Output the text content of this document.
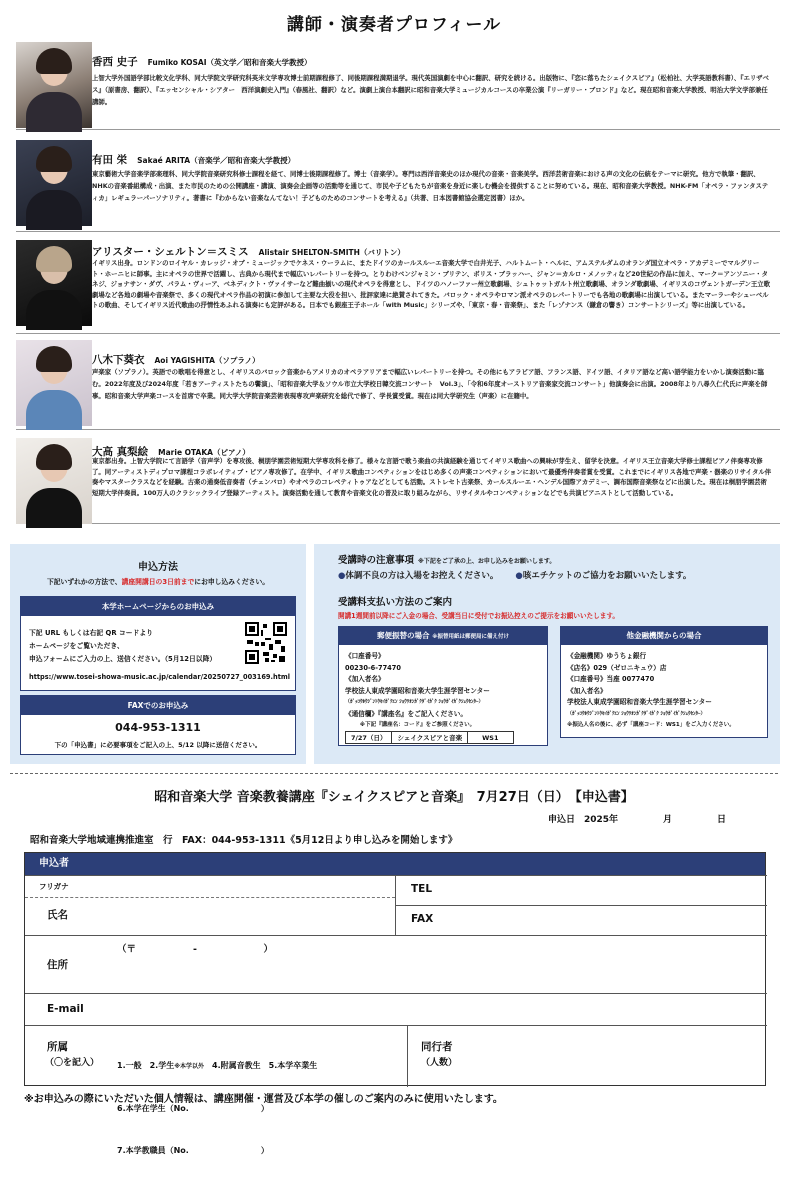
講師・演奏者プロフィール
香西 史子 Fumiko KOSAI（英文学／昭和音楽大学教授）
上智大学外国語学部比較文化学科、同大学院文学研究科英米文学専攻博士前期課程修了、同後期課程満期退学。現代英国演劇を中心に翻訳、研究を続ける。出版物に、『恋に落ちたシェイクスピア』（松柏社、大学英語教科書）、『エリザベス』（原書房、翻訳）、『エッセンシャル・シアター　西洋演劇史入門』（春風社、翻訳）など。演劇上演台本翻訳に昭和音楽大学ミュージカルコースの卒業公演『リーガリー・ブロンド』など。現在昭和音楽大学教授、明治大学文学部兼任講師。
有田 栄 Sakaé ARITA（音楽学／昭和音楽大学教授）
東京藝術大学音楽学部楽理科、同大学院音楽研究科修士課程を経て、同博士後期課程修了。博士（音楽学）。専門は西洋音楽史のほか現代の音楽・音楽美学。西洋芸術音楽における声の文化の伝統をテーマに研究。他方で執筆・翻訳、NHKの音楽番組構成・出演、また市民のための公開講座・講演、演奏会企画等の活動等を通じて、市民や子どもたちが音楽を身近に楽しむ機会を提供することに努めている。現在、昭和音楽大学教授。NHK-FM「オペラ・ファンタスティカ」レギュラーパーソナリティ。著書に『わからない音楽なんてない！子どものためのコンサートを考える』（共著、日本図書館協会選定図書）ほか。
アリスター・シェルトン＝スミス Alistair SHELTON-SMITH（バリトン）
イギリス出身。ロンドンのロイヤル・カレッジ・オブ・ミュージックでケネス・ウーラムに、またドイツのカールスルーエ音楽大学で白井光子、ハルトムート・ヘルに、アムステルダムのオランダ国立オペラ・アカデミーでマルグリート・ホーニヒに師事。主にオペラの世界で活躍し、古典から現代まで幅広いレパートリーを持つ。とりわけベンジャミン・ブリテン、ボリス・ブラッハー、ジャン＝カルロ・メノッティなど20世紀の作品に加え、マーク＝アンソニー・タネジ、ジョナサン・ダヴ、パラム・ヴィーア、ベネディクト・ヴァイサーなど難曲揃いの現代オペラを得意とし、ドイツのハノーファー州立歌劇場、シュトゥットガルト州立歌劇場、オランダ歌劇場、イギリスのコヴェントガーデン王立歌劇場など各地の劇場や音楽祭で、多くの現代オペラ作品の初演に参加して主要な大役を担い、批評家達に絶賛されてきた。バロック・オペラやロマン派オペラのレパートリーでも各地の歌劇場に出演している。またマーラーやシューベルトの歌曲、そしてイギリス近代歌曲の抒情性あふれる演奏にも定評がある。日本でも銀座王子ホール「with Music」シリーズや、「東京・春・音楽祭」、また「レゾナンス（鎌倉の響き）コンサートシリーズ」等に出演している。
八木下葵衣 Aoi YAGISHITA（ソプラノ）
声楽家（ソプラノ）。英語での歌唱を得意とし、イギリスのバロック音楽からアメリカのオペラアリアまで幅広いレパートリーを持つ。その他にもアラビア語、フランス語、ドイツ語、イタリア語など高い語学能力をいかし演奏活動に臨む。2022年度及び2024年度「若きアーティストたちの饗演」、「昭和音楽大学＆ソウル市立大学校日韓交流コンサート　Vol.3」、「令和6年度オーストリア音楽家交流コンサート」他演奏会に出演。2008年より八尋久仁代氏に声楽を師事。昭和音楽大学声楽コースを首席で卒業。同大学大学院音楽芸術表現専攻声楽研究を総代で修了、学長賞受賞。現在は同大学研究生（声楽）に在籍中。
大高 真梨絵 Marie OTAKA（ピアノ）
東京都出身。上智大学院にて言語学（音声学）を専攻後、桐朋学園芸術短期大学専攻科を修了。様々な言語で歌う楽曲の共演経験を通じてイギリス歌曲への興味が芽生え、留学を決意。イギリス王立音楽大学修士課程ピアノ伴奏専攻修了。同アーティストディプロマ課程コラボレイティブ・ピアノ専攻修了。在学中、イギリス歌曲コンペティションをはじめ多くの声楽コンペティションにおいて最優秀伴奏者賞を受賞。これまでにイギリス各地で声楽・器楽のリサイタル伴奏やマスタークラスなどを経験。古楽の通奏低音奏者（チェンバロ）やオペラのコレペティトゥアなどとしても活動。ストレセト古楽祭、カールスルーエ・ヘンデル国際アカデミー、調布国際音楽祭などに出演した。現在は桐朋学園芸術短期大学伴奏員。100万人のクラシックライブ登録アーティスト。演奏活動を通して教育や音楽文化の普及に取り組みながら、リサイタルやコンペティションなどでも共演ピアニストとして活動している。
申込方法
下記いずれかの方法で、講座開講日の3日前までにお申し込みください。
本学ホームページからのお申込み
下記 URL もしくは右記 QR コードより
ホームページをご覧いただき、
申込フォームにご入力の上、送信ください。（5月12日以降）
https://www.tosei-showa-music.ac.jp/calendar/20250727_003169.html
FAXでのお申込み
044-953-1311
下の「申込書」に必要事項をご記入の上、5/12 以降に送信ください。
受講時の注意事項 ※下記をご了承の上、お申し込みをお願いします。
●体調不良の方は入場をお控えください。 ●咳エチケットのご協力をお願いいたします。
受講料支払い方法のご案内
開講1週間前以降にご入金の場合、受講当日に受付でお振込控えのご提示をお願いいたします。
郵便振替の場合 ※振替用紙は郵便局に備え付け
《口座番号》
00230-6-77470
《加入者名》
学校法人東成学園昭和音楽大学生涯学習センター
（ｶﾞｯｺｳﾎｳｼﾞﾝﾄｳｾｲｶﾞｸｴﾝ ｼｮｳﾜｵﾝｶﾞｸﾀﾞｲｶﾞｸ ｼｮｳｶﾞｲｶﾞｸｼｭｳｾﾝﾀｰ）
《通信欄》『講座名』をご記入ください。
※下記『講座名：コード』をご参照ください。
7/27（日）	シェイクスピアと音楽	WS1
他金融機関からの場合
《金融機関》ゆうちょ銀行
《店名》029（ゼロニキュウ）店
《口座番号》当座 0077470
《加入者名》
学校法人東成学園昭和音楽大学生涯学習センター
（ｶﾞｯｺｳﾎｳｼﾞﾝﾄｳｾｲｶﾞｸｴﾝ ｼｮｳﾜｵﾝｶﾞｸﾀﾞｲｶﾞｸ ｼｮｳｶﾞｲｶﾞｸｼｭｳｾﾝﾀｰ）
※振込人名の後に、必ず「講座コード：WS1」をご入力ください。
昭和音楽大学 音楽教養講座『シェイクスピアと音楽』　7月27日（日）　【申込書】
申込日　2025年　　　　　月　　　　　日
昭和音楽大学地域連携推進室　行　FAX：044-953-1311《5月12日より申し込みを開始します》
申込者
フリガナ
氏名
TEL
FAX
（〒　　　　　　-　　　　　　　）
住所
E-mail
所属
（〇を記入）

1.一般　2.学生※本学以外　4.附属音教生　5.本学卒業生

6.本学在学生（No.　　　　　　　　　）

7.本学教職員（No.　　　　　　　　　）

同行者
（人数）
※お申込みの際にいただいた個人情報は、講座開催・運営及び本学の催しのご案内のみに使用いたします。
